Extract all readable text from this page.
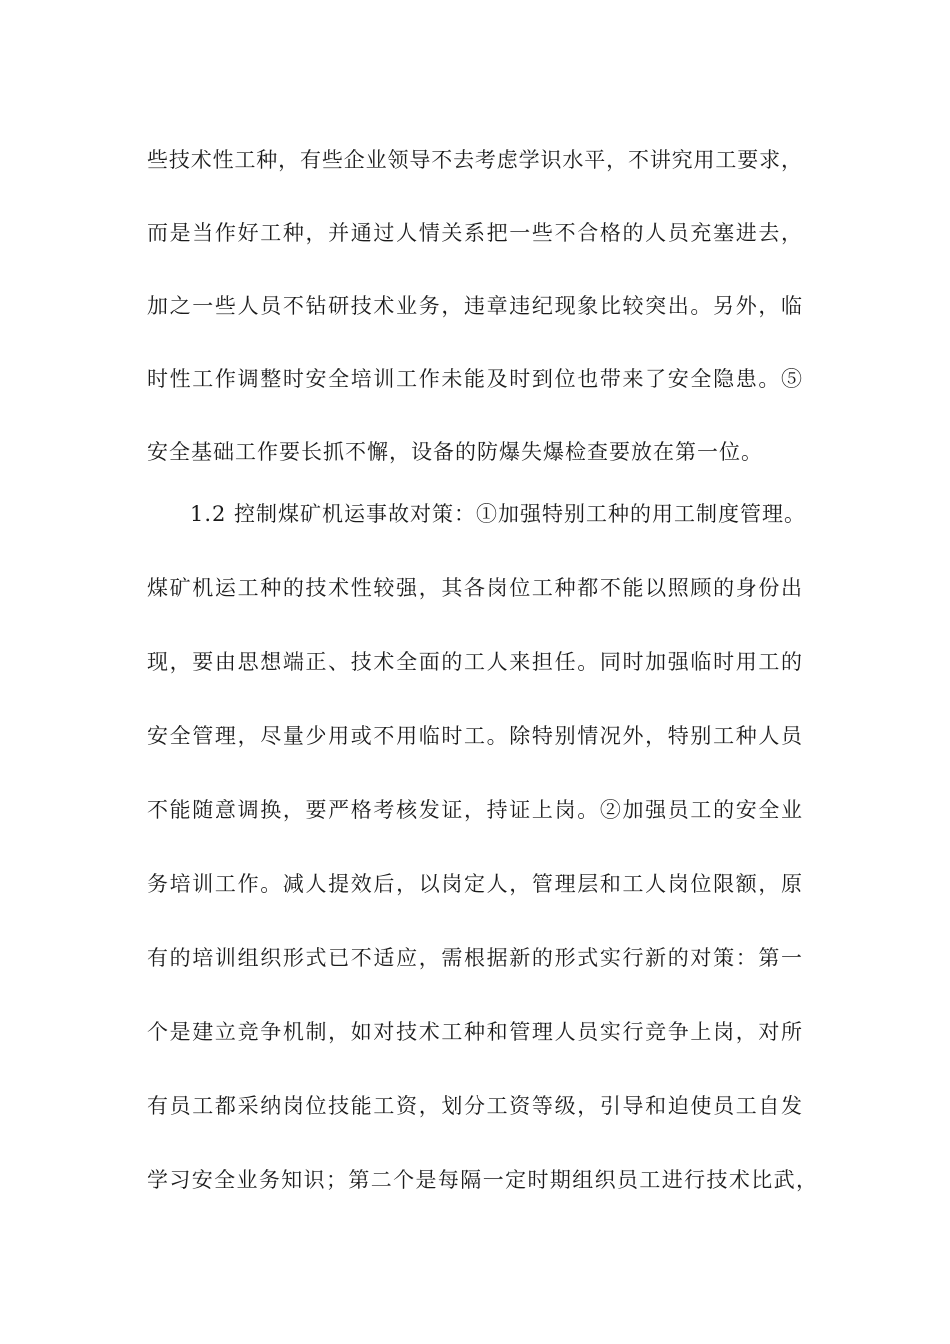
些技术性工种，有些企业领导不去考虑学识水平，不讲究用工要求，
而是当作好工种，并通过人情关系把一些不合格的人员充塞进去，
加之一些人员不钻研技术业务，违章违纪现象比较突出。另外，临
时性工作调整时安全培训工作未能及时到位也带来了安全隐患。⑤
安全基础工作要长抓不懈，设备的防爆失爆检查要放在第一位。
1.2 控制煤矿机运事故对策：①加强特别工种的用工制度管理。
煤矿机运工种的技术性较强，其各岗位工种都不能以照顾的身份出
现，要由思想端正、技术全面的工人来担任。同时加强临时用工的
安全管理，尽量少用或不用临时工。除特别情况外，特别工种人员
不能随意调换，要严格考核发证，持证上岗。②加强员工的安全业
务培训工作。减人提效后，以岗定人，管理层和工人岗位限额，原
有的培训组织形式已不适应，需根据新的形式实行新的对策：第一
个是建立竞争机制，如对技术工种和管理人员实行竞争上岗，对所
有员工都采纳岗位技能工资，划分工资等级，引导和迫使员工自发
学习安全业务知识；第二个是每隔一定时期组织员工进行技术比武，
